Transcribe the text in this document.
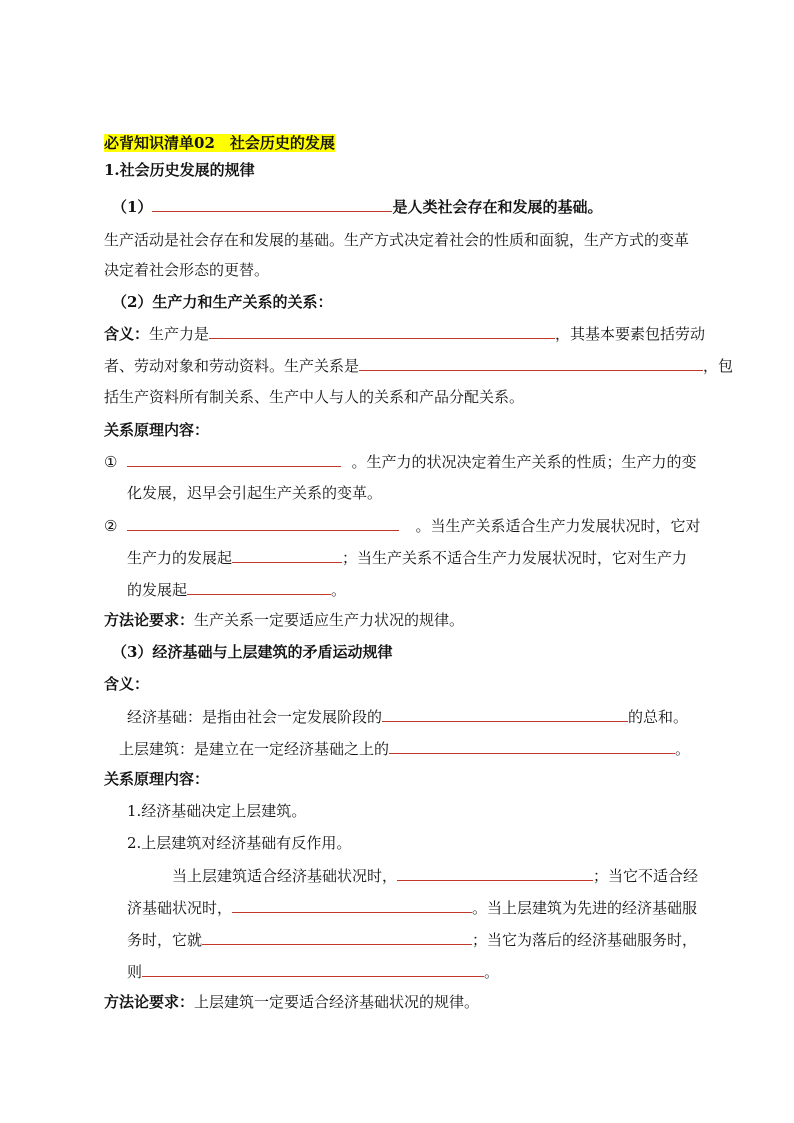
必背知识清单02　社会历史的发展
1.社会历史发展的规律
（1）	是人类社会存在和发展的基础。
生产活动是社会存在和发展的基础。生产方式决定着社会的性质和面貌，生产方式的变革
决定着社会形态的更替。
（2）生产力和生产关系的关系：
含义：生产力是	，其基本要素包括劳动
者、劳动对象和劳动资料。生产关系是	，包
括生产资料所有制关系、生产中人与人的关系和产品分配关系。
关系原理内容：
①	。生产力的状况决定着生产关系的性质；生产力的变
化发展，迟早会引起生产关系的变革。
②	。当生产关系适合生产力发展状况时，它对
生产力的发展起	；当生产关系不适合生产力发展状况时，它对生产力
的发展起	。
方法论要求：生产关系一定要适应生产力状况的规律。
（3）经济基础与上层建筑的矛盾运动规律
含义：
经济基础：是指由社会一定发展阶段的	的总和。
上层建筑：是建立在一定经济基础之上的	。
关系原理内容：
1.经济基础决定上层建筑。
2.上层建筑对经济基础有反作用。
当上层建筑适合经济基础状况时，	；当它不适合经
济基础状况时，	。当上层建筑为先进的经济基础服
务时，它就	；当它为落后的经济基础服务时，
则	。
方法论要求：上层建筑一定要适合经济基础状况的规律。
